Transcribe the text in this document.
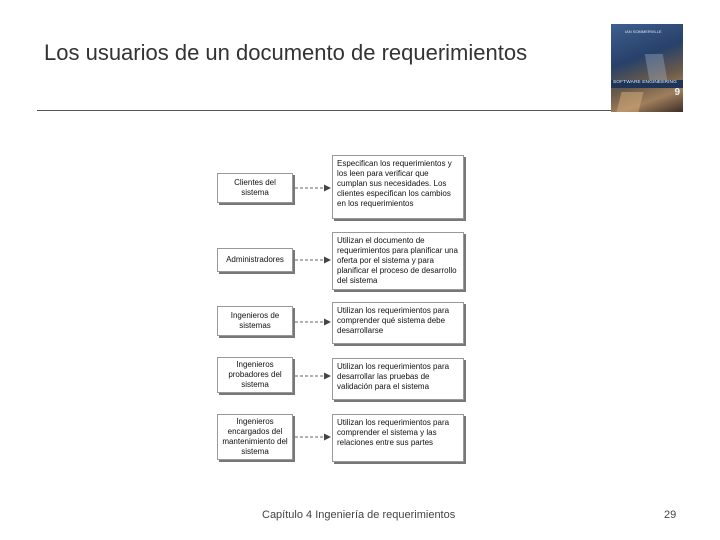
Los usuarios de un documento de requerimientos
IAN SOMMERVILLE
SOFTWARE ENGINEERING
9
Clientes del sistema
Administradores
Ingenieros de sistemas
Ingenieros probadores del sistema
Ingenieros encargados del mantenimiento del sistema
Especifican los requerimientos y los leen para verificar que cumplan sus necesidades. Los clientes especifican los cambios en los requerimientos
Utilizan el documento de requerimientos para planificar una oferta por el sistema y para planificar el proceso de desarrollo del sistema
Utilizan los requerimientos para comprender qué sistema debe desarrollarse
Utilizan los requerimientos para desarrollar las pruebas de validación para el sistema
Utilizan los requerimientos para comprender el sistema y las relaciones entre sus partes
Capítulo 4 Ingeniería de requerimientos	29
